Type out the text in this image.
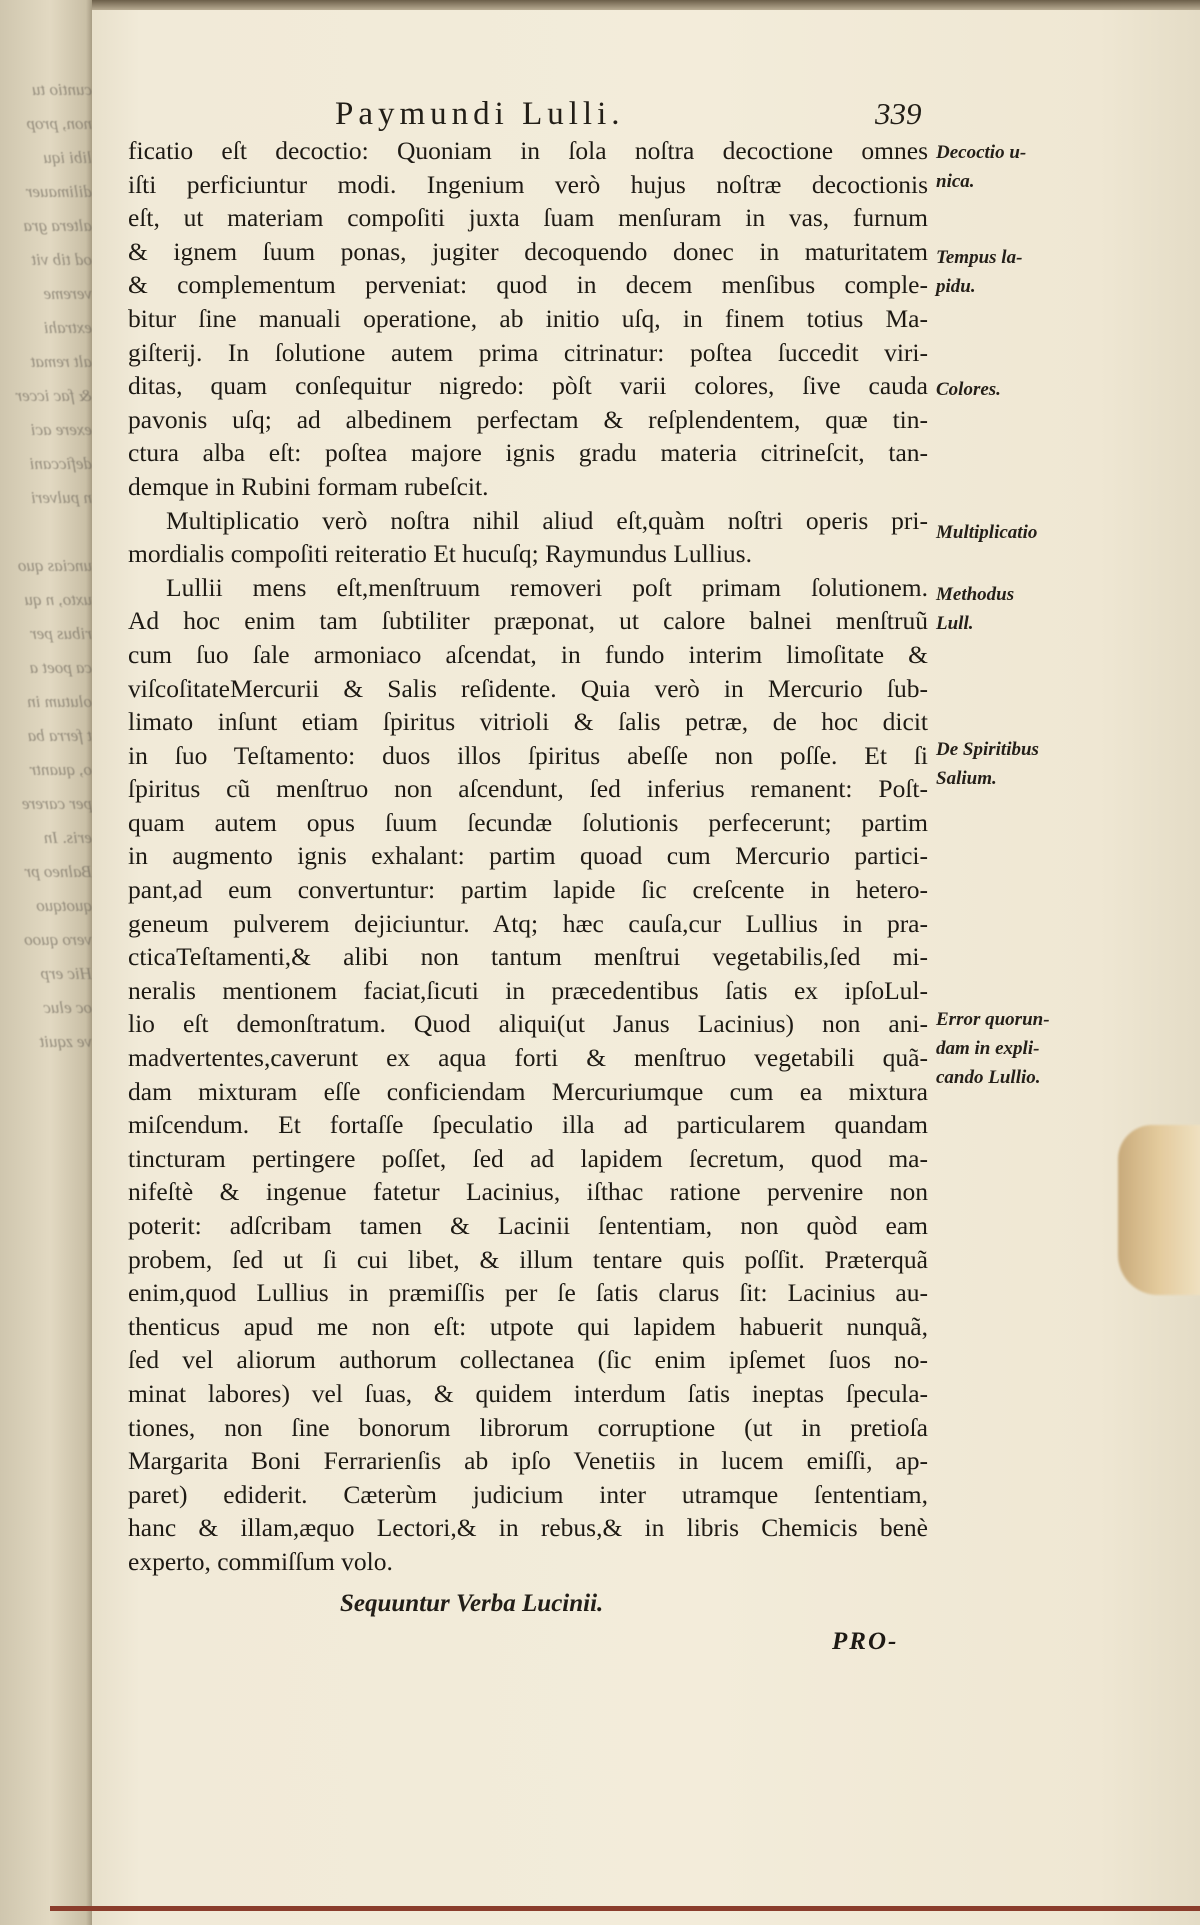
cuntio tu
non, prop
libi iqu
dilimauer
altera gra
od tib vit
vereme
extrahi
alt remat
& fac iccer
exere aci
deficcani
n pulveri
uncias quo
uxto, n qu
ribus per
ca poet a
olutum in
t ferra ba
o, quantr
per carere
eris. In
Balneo pr
quotquo
vero quoo
Hic erp
oc eluc
ve zquit
Paymundi Lulli.	339
ficatio eſt decoctio: Quoniam in ſola noſtra decoctione omnes
iſti perficiuntur modi. Ingenium verò hujus noſtræ decoctionis
eſt, ut materiam compoſiti juxta ſuam menſuram in vas, furnum
& ignem ſuum ponas, jugiter decoquendo donec in maturitatem
& complementum perveniat: quod in decem menſibus comple-
bitur ſine manuali operatione, ab initio uſq, in finem totius Ma-
giſterij. In ſolutione autem prima citrinatur: poſtea ſuccedit viri-
ditas, quam conſequitur nigredo: pòſt varii colores, ſive cauda
pavonis uſq; ad albedinem perfectam & reſplendentem, quæ tin-
ctura alba eſt: poſtea majore ignis gradu materia citrineſcit, tan-
demque in Rubini formam rubeſcit.
Multiplicatio verò noſtra nihil aliud eſt,quàm noſtri operis pri-
mordialis compoſiti reiteratio Et hucuſq; Raymundus Lullius.
Lullii mens eſt,menſtruum removeri poſt primam ſolutionem.
Ad hoc enim tam ſubtiliter præponat, ut calore balnei menſtruũ
cum ſuo ſale armoniaco aſcendat, in fundo interim limoſitate &
viſcoſitateMercurii & Salis reſidente. Quia verò in Mercurio ſub-
limato inſunt etiam ſpiritus vitrioli & ſalis petræ, de hoc dicit
in ſuo Teſtamento: duos illos ſpiritus abeſſe non poſſe. Et ſi
ſpiritus cũ menſtruo non aſcendunt, ſed inferius remanent: Poſt-
quam autem opus ſuum ſecundæ ſolutionis perfecerunt; partim
in augmento ignis exhalant: partim quoad cum Mercurio partici-
pant,ad eum convertuntur: partim lapide ſic creſcente in hetero-
geneum pulverem dejiciuntur. Atq; hæc cauſa,cur Lullius in pra-
cticaTeſtamenti,& alibi non tantum menſtrui vegetabilis,ſed mi-
neralis mentionem faciat,ſicuti in præcedentibus ſatis ex ipſoLul-
lio eſt demonſtratum. Quod aliqui(ut Janus Lacinius) non ani-
madvertentes,caverunt ex aqua forti & menſtruo vegetabili quã-
dam mixturam eſſe conficiendam Mercuriumque cum ea mixtura
miſcendum. Et fortaſſe ſpeculatio illa ad particularem quandam
tincturam pertingere poſſet, ſed ad lapidem ſecretum, quod ma-
nifeſtè & ingenue fatetur Lacinius, iſthac ratione pervenire non
poterit: adſcribam tamen & Lacinii ſententiam, non quòd eam
probem, ſed ut ſi cui libet, & illum tentare quis poſſit. Præterquã
enim,quod Lullius in præmiſſis per ſe ſatis clarus ſit: Lacinius au-
thenticus apud me non eſt: utpote qui lapidem habuerit nunquã,
ſed vel aliorum authorum collectanea (ſic enim ipſemet ſuos no-
minat labores) vel ſuas, & quidem interdum ſatis ineptas ſpecula-
tiones, non ſine bonorum librorum corruptione (ut in pretioſa
Margarita Boni Ferrarienſis ab ipſo Venetiis in lucem emiſſi, ap-
paret) ediderit. Cæterùm judicium inter utramque ſententiam,
hanc & illam,æquo Lectori,& in rebus,& in libris Chemicis benè
experto, commiſſum volo.
Sequuntur Verba Lucinii.
PRO-
Decoctio u-
nica.
Tempus la-
pidu.
Colores.
Multiplicatio
Methodus
Lull.
De Spiritibus
Salium.
Error quorun-
dam in expli-
cando Lullio.
